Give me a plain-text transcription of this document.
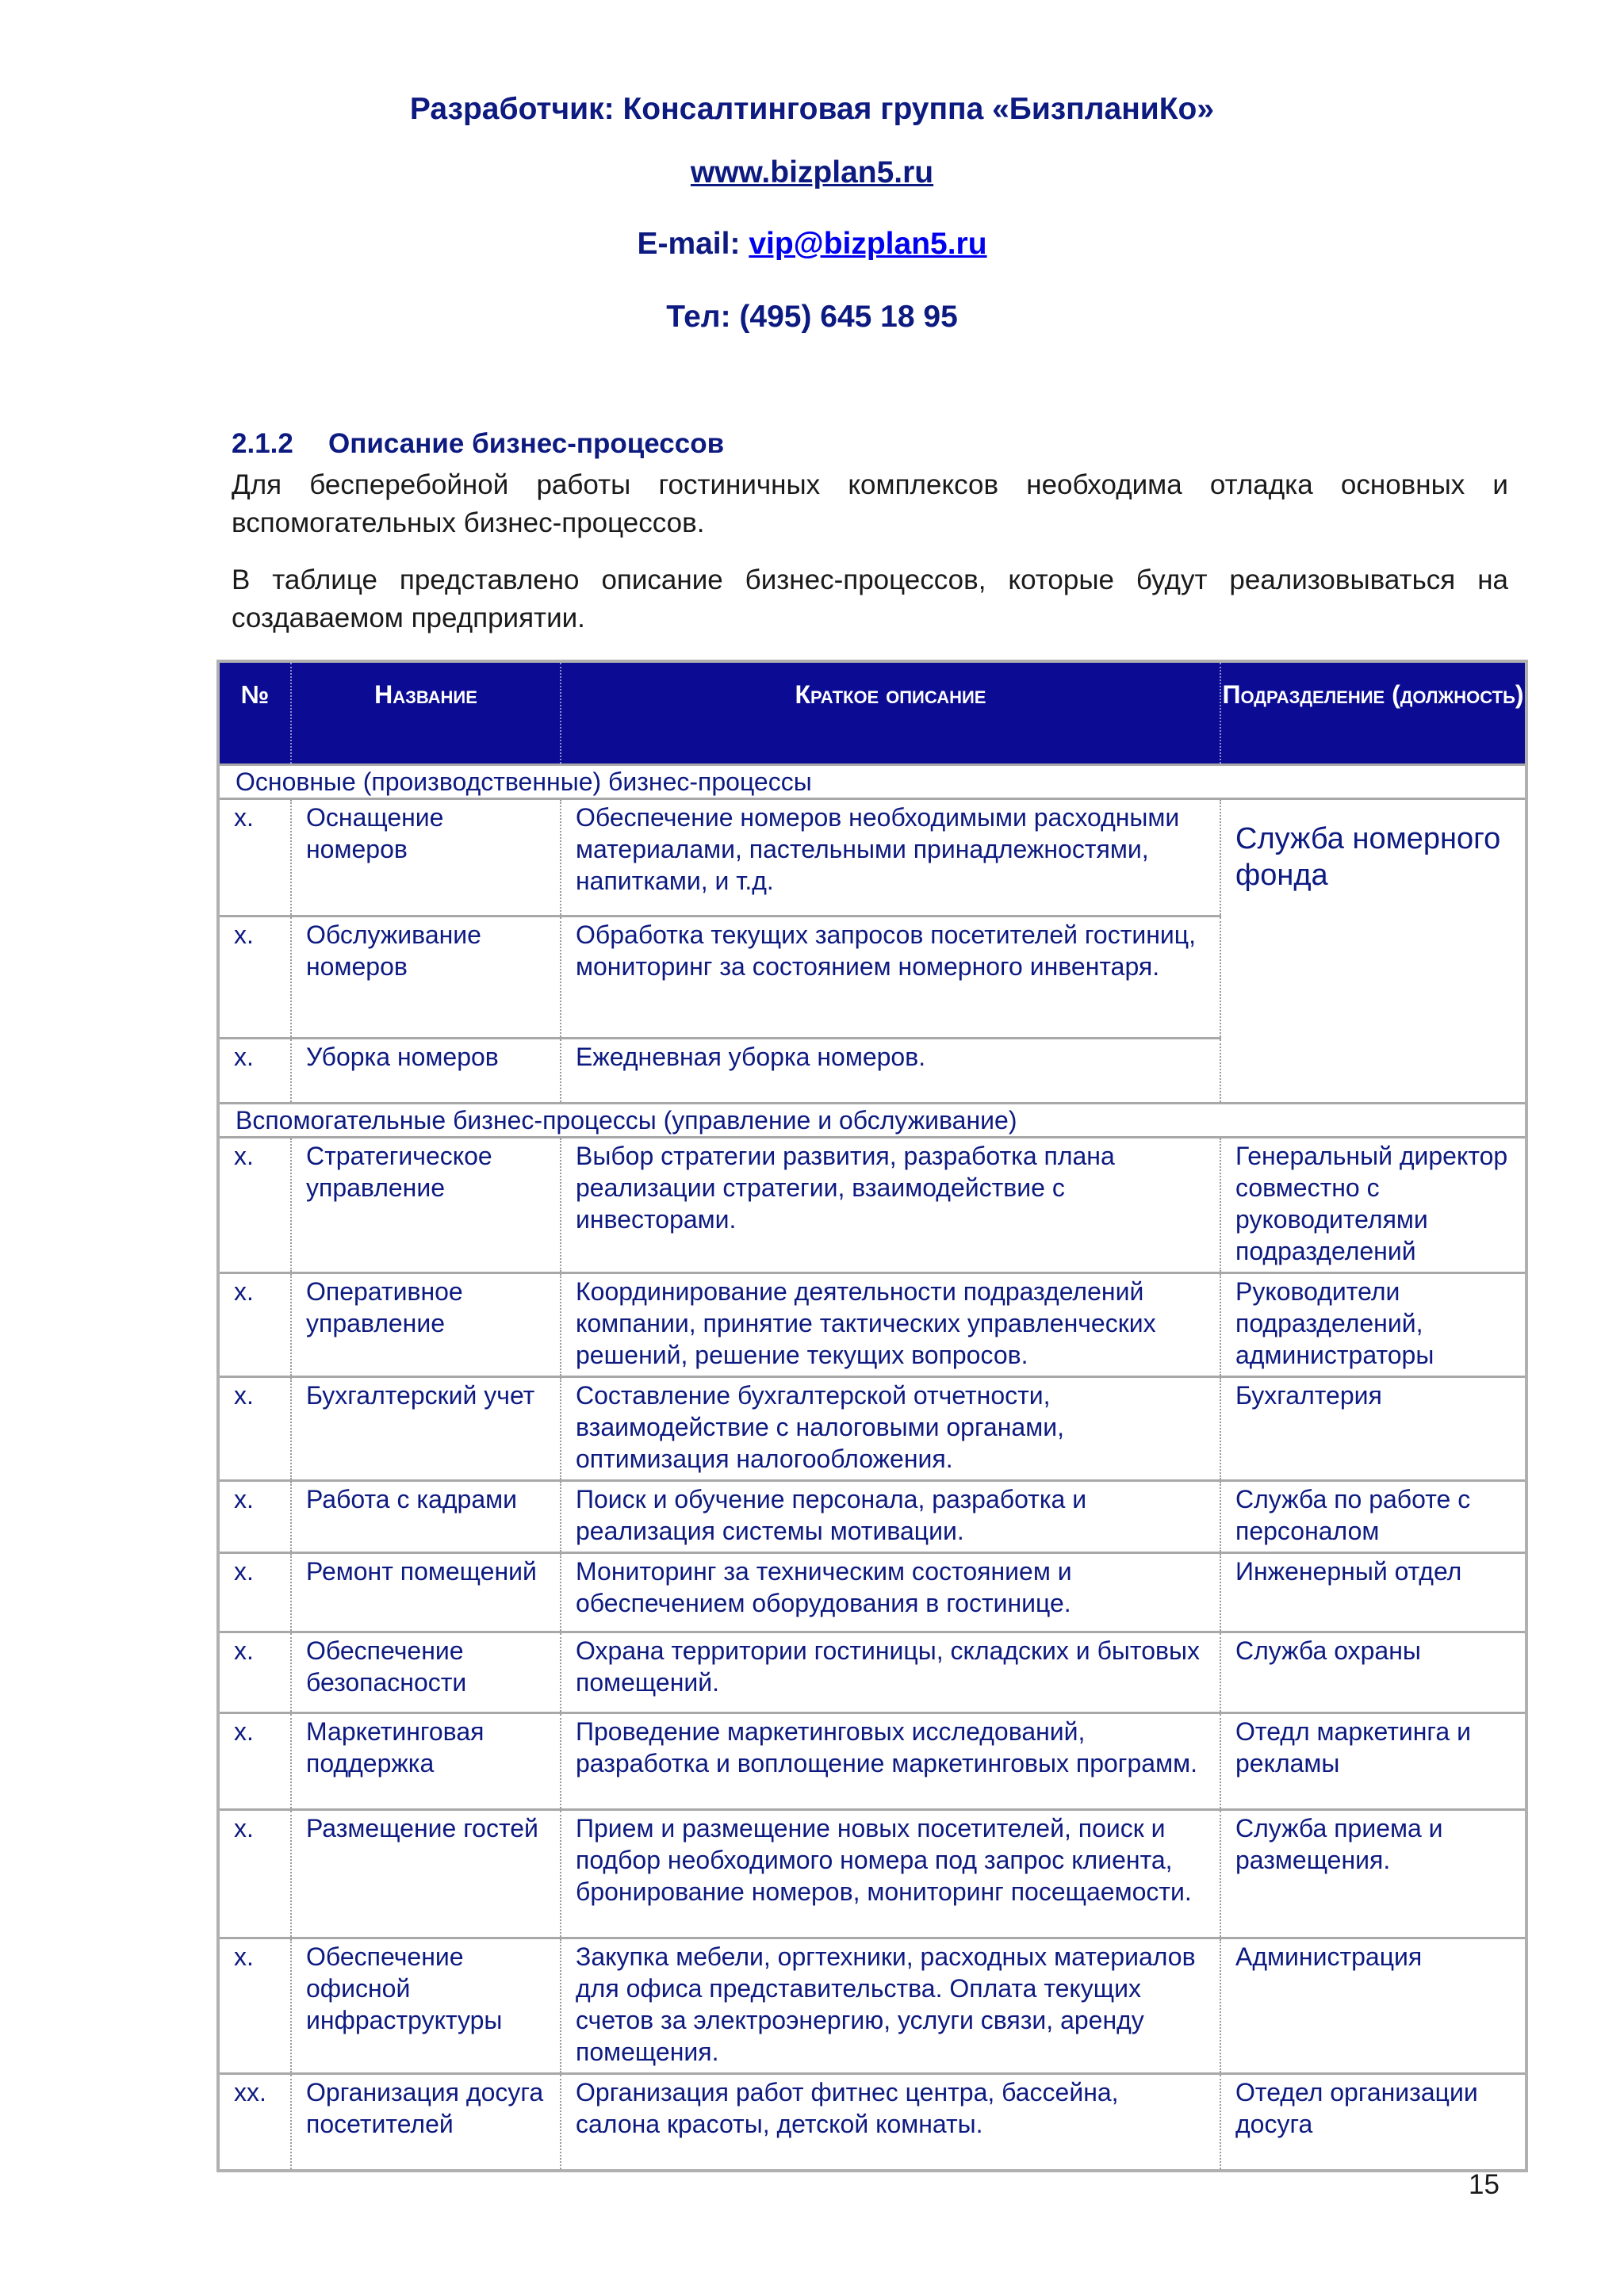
Разработчик: Консалтинговая группа «БизпланиКо»
www.bizplan5.ru
E-mail: vip@bizplan5.ru
Тел: (495) 645 18 95
2.1.2 Описание бизнес-процессов
Для бесперебойной работы гостиничных комплексов необходима отладка основных и вспомогательных бизнес-процессов.
В таблице представлено описание бизнес-процессов, которые будут реализовываться на создаваемом предприятии.
№	Название	Краткое описание	Подразделение (должность)
Основные (производственные) бизнес-процессы			
x.	Оснащение номеров	Обеспечение номеров необходимыми расходными материалами, пастельными принадлежностями, напитками, и т.д.	Служба номерного фонда
x.	Обслуживание номеров	Обработка текущих запросов посетителей гостиниц, мониторинг за состоянием номерного инвентаря.	
x.	Уборка номеров	Ежедневная уборка номеров.	
Вспомогательные бизнес-процессы (управление и обслуживание)			
x.	Стратегическое управление	Выбор стратегии развития, разработка плана реализации стратегии, взаимодействие с инвесторами.	Генеральный директор совместно с руководителями подразделений
x.	Оперативное управление	Координирование деятельности подразделений компании, принятие тактических управленческих решений, решение текущих вопросов.	Руководители подразделений, администраторы
x.	Бухгалтерский учет	Составление бухгалтерской отчетности, взаимодействие с налоговыми органами, оптимизация налогообложения.	Бухгалтерия
x.	Работа с кадрами	Поиск и обучение персонала, разработка и реализация системы мотивации.	Служба по работе с персоналом
x.	Ремонт помещений	Мониторинг за техническим состоянием и обеспечением оборудования в гостинице.	Инженерный отдел
x.	Обеспечение безопасности	Охрана территории гостиницы, складских и бытовых помещений.	Служба охраны
x.	Маркетинговая поддержка	Проведение маркетинговых исследований, разработка и воплощение маркетинговых программ.	Отедл маркетинга и рекламы
x.	Размещение гостей	Прием и размещение новых посетителей, поиск и подбор необходимого номера под запрос клиента, бронирование номеров, мониторинг посещаемости.	Служба приема и размещения.
x.	Обеспечение офисной инфраструктуры	Закупка мебели, оргтехники, расходных материалов для офиса представительства. Оплата текущих счетов за электроэнергию, услуги связи, аренду помещения.	Администрация
xx.	Организация досуга посетителей	Организация работ фитнес центра, бассейна, салона красоты, детской комнаты.	Отедел организации досуга
15
